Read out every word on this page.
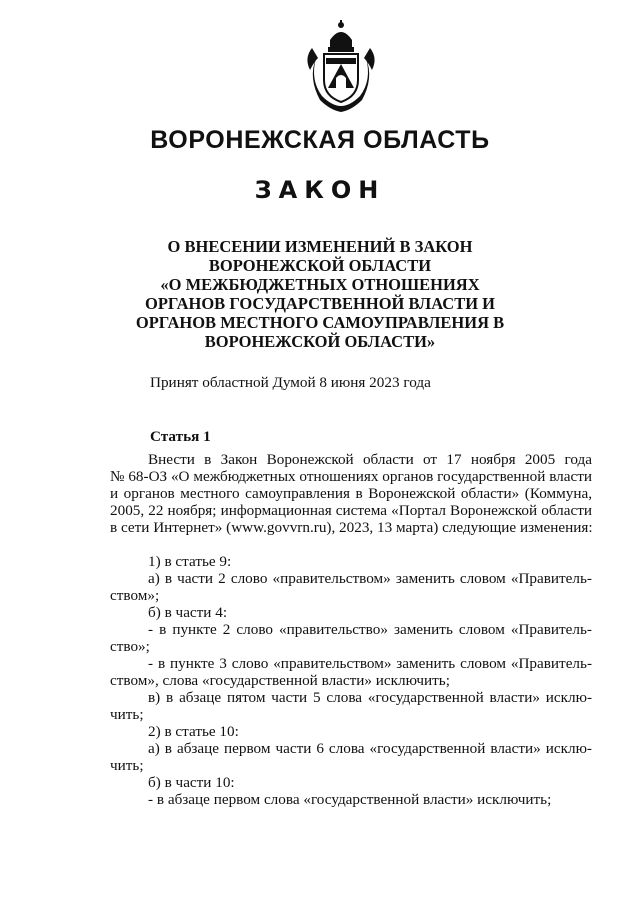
ВОРОНЕЖСКАЯ ОБЛАСТЬ
ЗАКОН
О ВНЕСЕНИИ ИЗМЕНЕНИЙ В ЗАКОН
ВОРОНЕЖСКОЙ ОБЛАСТИ
«О МЕЖБЮДЖЕТНЫХ ОТНОШЕНИЯХ
ОРГАНОВ ГОСУДАРСТВЕННОЙ ВЛАСТИ И
ОРГАНОВ МЕСТНОГО САМОУПРАВЛЕНИЯ В
ВОРОНЕЖСКОЙ ОБЛАСТИ»
Принят областной Думой 8 июня 2023 года
Статья 1
Внести в Закон Воронежской области от 17 ноября 2005 года
№ 68-ОЗ «О межбюджетных отношениях органов государственной власти
и органов местного самоуправления в Воронежской области» (Коммуна,
2005, 22 ноября; информационная система «Портал Воронежской области
в сети Интернет» (www.govvrn.ru), 2023, 13 марта) следующие изменения:
1) в статье 9:
а) в части 2 слово «правительством» заменить словом «Правитель-
ством»;
б) в части 4:
- в пункте 2 слово «правительство» заменить словом «Правитель-
ство»;
- в пункте 3 слово «правительством» заменить словом «Правитель-
ством», слова «государственной власти» исключить;
в) в абзаце пятом части 5 слова «государственной власти» исклю-
чить;
2) в статье 10:
а) в абзаце первом части 6 слова «государственной власти» исклю-
чить;
б) в части 10:
- в абзаце первом слова «государственной власти» исключить;
